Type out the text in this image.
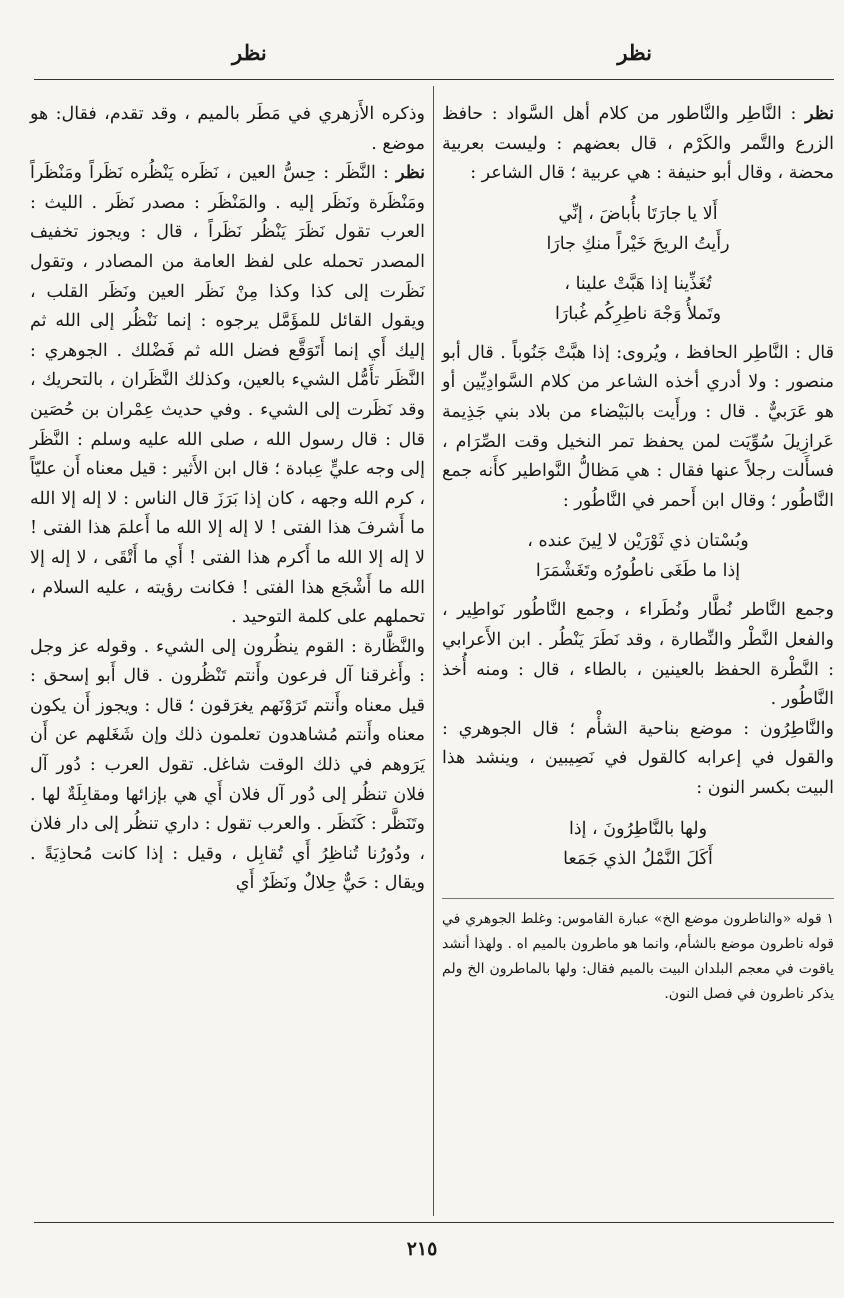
نظر
نظر

نظر : النَّاطِر والنَّاطور من كلام أهل السَّواد : حافظ الزرع والتَّمر والكَرْم ، قال بعضهم : وليست بعربية محضة ، وقال أبو حنيفة : هي عربية ؛ قال الشاعر :

أَلا يا جارَتَا بأُباضَ ، إنِّي
رأَيتُ الريحَ خَيْراً منكِ جارَا
تُغَذِّينا إذا هَبَّتْ علينا ،
وتَملأُ وَجْهَ ناطِرِكُم غُبارَا

قال : النَّاطِر الحافظ ، ويُروى: إذا هبَّتْ جَنُوباً . قال أبو منصور : ولا أدري أخذه الشاعر من كلام السَّوادِيِّين أو هو عَرَبيٌّ . قال : ورأَيت بالبَيْضاء من بلاد بني جَذِيمة عَرازِيلَ سُوِّيَت لمن يحفظ تمر النخيل وقت الصِّرَام ، فسأَلت رجلاً عنها فقال : هي مَظالُّ النَّواطير كأَنه جمع النَّاطُور ؛ وقال ابن أَحمر في النَّاطُور :

وبُسْتان ذي ثَوْرَيْن لا لِينَ عنده ،
إذا ما طَغَى ناطُورُه وتَغَشْمَرَا

وجمع النَّاطر نُطَّار ونُطَراء ، وجمع النَّاطُور نَواطِير ، والفعل النَّطْر والنِّطارة ، وقد نَطَرَ يَنْطُر . ابن الأَعرابي : النَّطْرة الحفظ بالعينين ، بالطاء ، قال : ومنه أُخذ النَّاطُور .

والنَّاطِرُون : موضع بناحية الشأْم ؛ قال الجوهري : والقول في إعرابه كالقول في نَصِيبين ، وينشد هذا البيت بكسر النون :

ولها بالنَّاطِرُونَ ، إذا
أَكَلَ النَّمْلُ الذي جَمَعا
١ قوله «والناطرون موضع الخ» عبارة القاموس: وغلط الجوهري في قوله ناطرون موضع بالشأم، وانما هو ماطرون بالميم اه . ولهذا أنشد ياقوت في معجم البلدان البيت بالميم فقال: ولها بالماطرون الخ ولم يذكر ناطرون في فصل النون.

وذكره الأَزهري في مَطَر بالميم ، وقد تقدم، فقال: هو موضع .

نظر : النَّظَر : حِسُّ العين ، نَظَره يَنْظُره نَظَراً ومَنْظَراً ومَنْظَرة ونَظَر إليه . والمَنْظَر : مصدر نَظَر . الليث : العرب تقول نَظَرَ يَنْظُر نَظَراً ، قال : ويجوز تخفيف المصدر تحمله على لفظ العامة من المصادر ، وتقول نَظَرت إلى كذا وكذا مِنْ نَظَر العين ونَظَر القلب ، ويقول القائل للمؤَمَّل يرجوه : إنما نَنْظُر إلى الله ثم إليك أَي إنما أَتَوَقَّع فضل الله ثم فَضْلك . الجوهري : النَّظَر تأَمُّل الشيء بالعين، وكذلك النَّظَران ، بالتحريك ، وقد نَظَرت إلى الشيء . وفي حديث عِمْران بن حُصَين قال : قال رسول الله ، صلى الله عليه وسلم : النَّظَر إلى وجه عليٍّ عِبادة ؛ قال ابن الأَثير : قيل معناه أَن عليّاً ، كرم الله وجهه ، كان إذا بَرَزَ قال الناس : لا إله إلا الله ما أَشرفَ هذا الفتى ! لا إله إلا الله ما أَعلمَ هذا الفتى ! لا إله إلا الله ما أَكرم هذا الفتى ! أَي ما أَتْقَى ، لا إله إلا الله ما أَشْجَع هذا الفتى ! فكانت رؤيته ، عليه السلام ، تحملهم على كلمة التوحيد .

والنَّظَّارة : القوم ينظُرون إلى الشيء . وقوله عز وجل : وأَغرقنا آل فرعون وأَنتم تَنْظُرون . قال أَبو إسحق : قيل معناه وأَنتم تَرَوْنَهم يغرَقون ؛ قال : ويجوز أَن يكون معناه وأَنتم مُشاهدون تعلمون ذلك وإن شَغَلهم عن أَن يَرَوهم في ذلك الوقت شاغل. تقول العرب : دُور آل فلان تنظُر إلى دُور آل فلان أَي هي بإزائها ومقابِلَةٌ لها . وتَنَظَّر : كَنَظَر . والعرب تقول : داري تنظُر إلى دار فلان ، ودُورُنا تُناظِرُ أَي تُقابِل ، وقيل : إذا كانت مُحاذِيَةً . ويقال : حَيٌّ حِلالٌ ونَظَرٌ أَي

٢١٥
